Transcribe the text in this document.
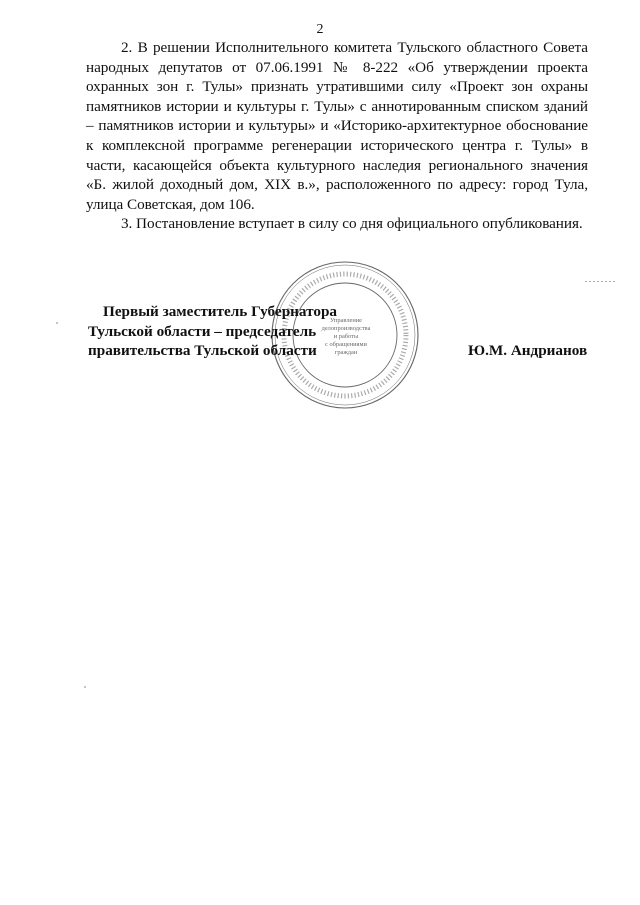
2

2. В решении Исполнительного комитета Тульского областного Совета народных депутатов от 07.06.1991 № 8-222 «Об утверждении проекта охранных зон г. Тулы» признать утратившими силу «Проект зон охраны памятников истории и культуры г. Тулы» с аннотированным списком зданий – памятников истории и культуры» и «Историко-архитектурное обоснование к комплексной программе регенерации исторического центра г. Тулы» в части, касающейся объекта культурного наследия регионального значения «Б. жилой доходный дом, XIX в.», расположенного по адресу: город Тула, улица Советская, дом 106.

3. Постановление вступает в силу со дня официального опубликования.

Первый заместитель Губернатора
Тульской области – председатель
правительства Тульской области	Ю.М. Андрианов
Управление
делопроизводства
и работы
с обращениями
граждан
